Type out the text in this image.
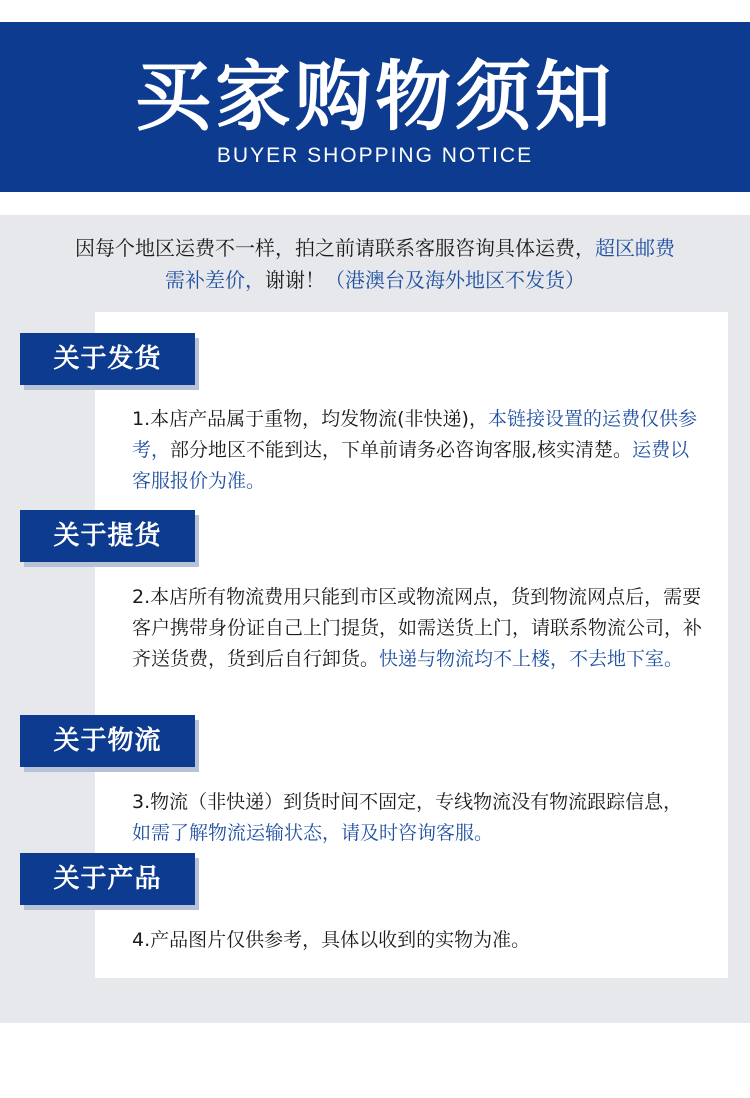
买家购物须知
BUYER SHOPPING NOTICE
因每个地区运费不一样，拍之前请联系客服咨询具体运费，超区邮费
需补差价，谢谢！（港澳台及海外地区不发货）
关于发货
1.本店产品属于重物，均发物流(非快递)，本链接设置的运费仅供参考，部分地区不能到达，下单前请务必咨询客服,核实清楚。运费以客服报价为准。
关于提货
2.本店所有物流费用只能到市区或物流网点，货到物流网点后，需要客户携带身份证自己上门提货，如需送货上门，请联系物流公司，补齐送货费，货到后自行卸货。快递与物流均不上楼，不去地下室。
关于物流
3.物流（非快递）到货时间不固定，专线物流没有物流跟踪信息，如需了解物流运输状态，请及时咨询客服。
关于产品
4.产品图片仅供参考，具体以收到的实物为准。
